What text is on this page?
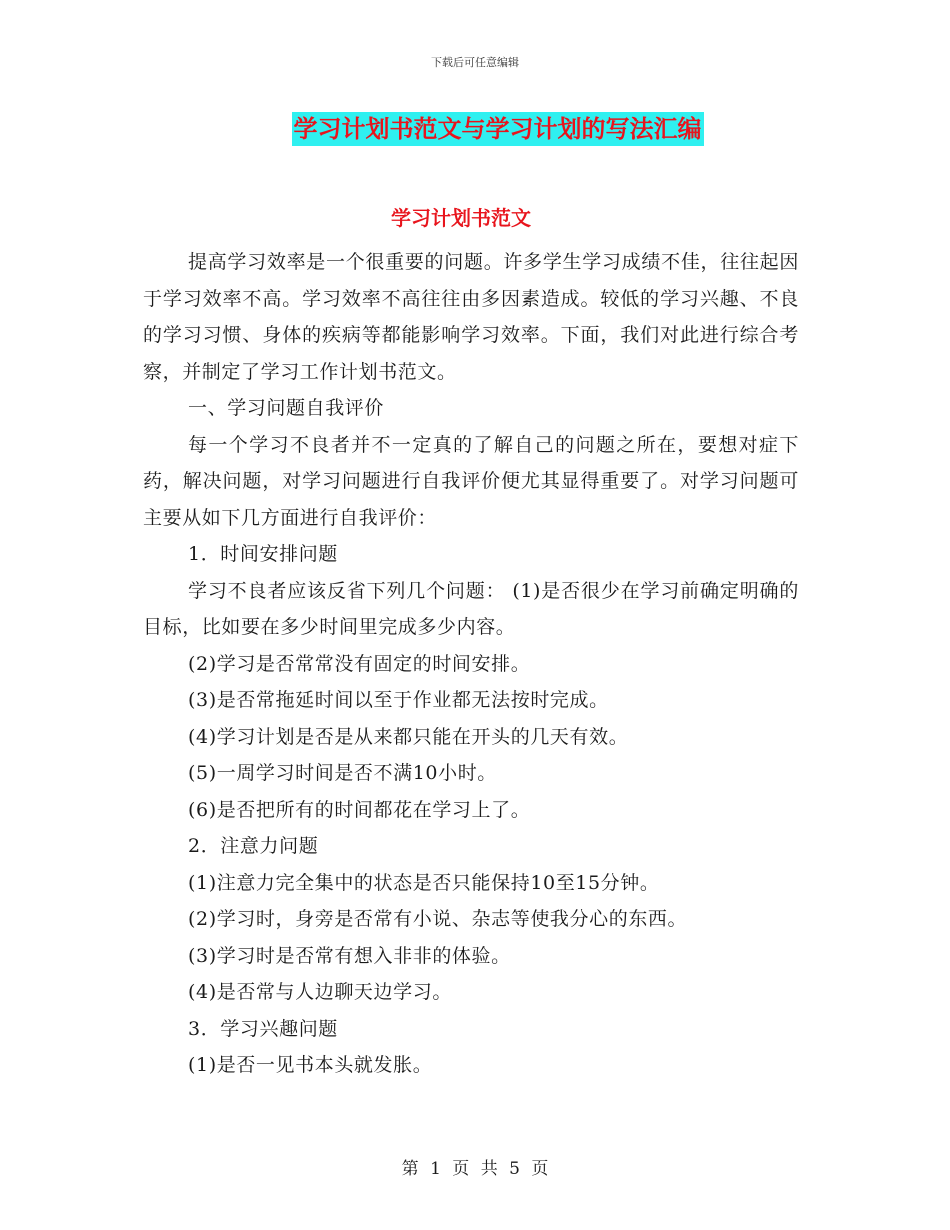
下载后可任意编辑
学习计划书范文与学习计划的写法汇编
学习计划书范文

提高学习效率是一个很重要的问题。许多学生学习成绩不佳，往往起因于学习效率不高。学习效率不高往往由多因素造成。较低的学习兴趣、不良的学习习惯、身体的疾病等都能影响学习效率。下面，我们对此进行综合考察，并制定了学习工作计划书范文。

一、学习问题自我评价

每一个学习不良者并不一定真的了解自己的问题之所在，要想对症下药，解决问题，对学习问题进行自我评价便尤其显得重要了。对学习问题可主要从如下几方面进行自我评价：

1．时间安排问题

学习不良者应该反省下列几个问题： (1)是否很少在学习前确定明确的目标，比如要在多少时间里完成多少内容。

(2)学习是否常常没有固定的时间安排。

(3)是否常拖延时间以至于作业都无法按时完成。

(4)学习计划是否是从来都只能在开头的几天有效。

(5)一周学习时间是否不满10小时。

(6)是否把所有的时间都花在学习上了。

2．注意力问题

(1)注意力完全集中的状态是否只能保持10至15分钟。

(2)学习时，身旁是否常有小说、杂志等使我分心的东西。

(3)学习时是否常有想入非非的体验。

(4)是否常与人边聊天边学习。

3．学习兴趣问题

(1)是否一见书本头就发胀。

第 1 页 共 5 页
